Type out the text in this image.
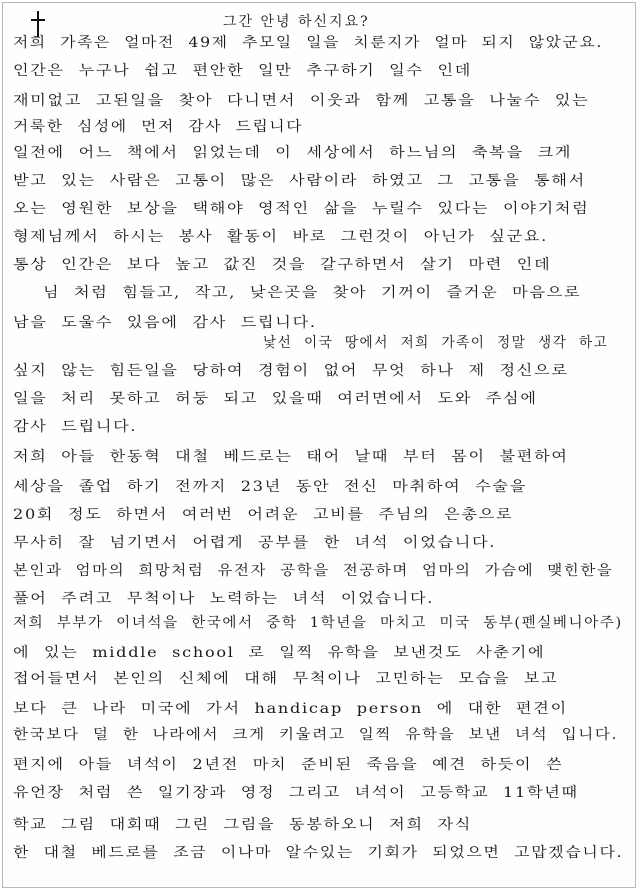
그간 안녕 하신지요?
저희 가족은 얼마전 49제 추모일 일을 치룬지가 얼마 되지 않았군요.
인간은 누구나 쉽고 편안한 일만 추구하기 일수 인데
재미없고 고된일을 찾아 다니면서 이웃과 함께 고통을 나눌수 있는
거룩한 심성에 먼저 감사 드립니다
일전에 어느 책에서 읽었는데 이 세상에서 하느님의 축복을 크게
받고 있는 사람은 고통이 많은 사람이라 하였고 그 고통을 통해서
오는 영원한 보상을 택해야 영적인 삶을 누릴수 있다는 이야기처럼
형제님께서 하시는 봉사 활동이 바로 그런것이 아닌가 싶군요.
통상 인간은 보다 높고 값진 것을 갈구하면서 살기 마련 인데
님 처럼 힘들고, 작고, 낮은곳을 찾아 기꺼이 즐거운 마음으로
남을 도울수 있음에 감사 드립니다.
낯선 이국 땅에서 저희 가족이 정말 생각 하고
싶지 않는 힘든일을 당하여 경험이 없어 무엇 하나 제 정신으로
일을 처리 못하고 허둥 되고 있을때 여러면에서 도와 주심에
감사 드립니다.
저희 아들 한동혁 대철 베드로는 태어 날때 부터 몸이 불편하여
세상을 졸업 하기 전까지 23년 동안 전신 마취하여 수술을
20회 정도 하면서 여러번 어려운 고비를 주님의 은총으로
무사히 잘 넘기면서 어렵게 공부를 한 녀석 이었습니다.
본인과 엄마의 희망처럼 유전자 공학을 전공하며 엄마의 가슴에 맺힌한을
풀어 주려고 무척이나 노력하는 녀석 이었습니다.
저희 부부가 이녀석을 한국에서 중학 1학년을 마치고 미국 동부(펜실베니아주)
에 있는 middle school 로 일찍 유학을 보낸것도 사춘기에
접어들면서 본인의 신체에 대해 무척이나 고민하는 모습을 보고
보다 큰 나라 미국에 가서 handicap person 에 대한 편견이
한국보다 덜 한 나라에서 크게 키울려고 일찍 유학을 보낸 녀석 입니다.
편지에 아들 녀석이 2년전 마치 준비된 죽음을 예견 하듯이 쓴
유언장 처럼 쓴 일기장과 영정 그리고 녀석이 고등학교 11학년때
학교 그림 대회때 그린 그림을 동봉하오니 저희 자식
한 대철 베드로를 조금 이나마 알수있는 기회가 되었으면 고맙겠습니다.
